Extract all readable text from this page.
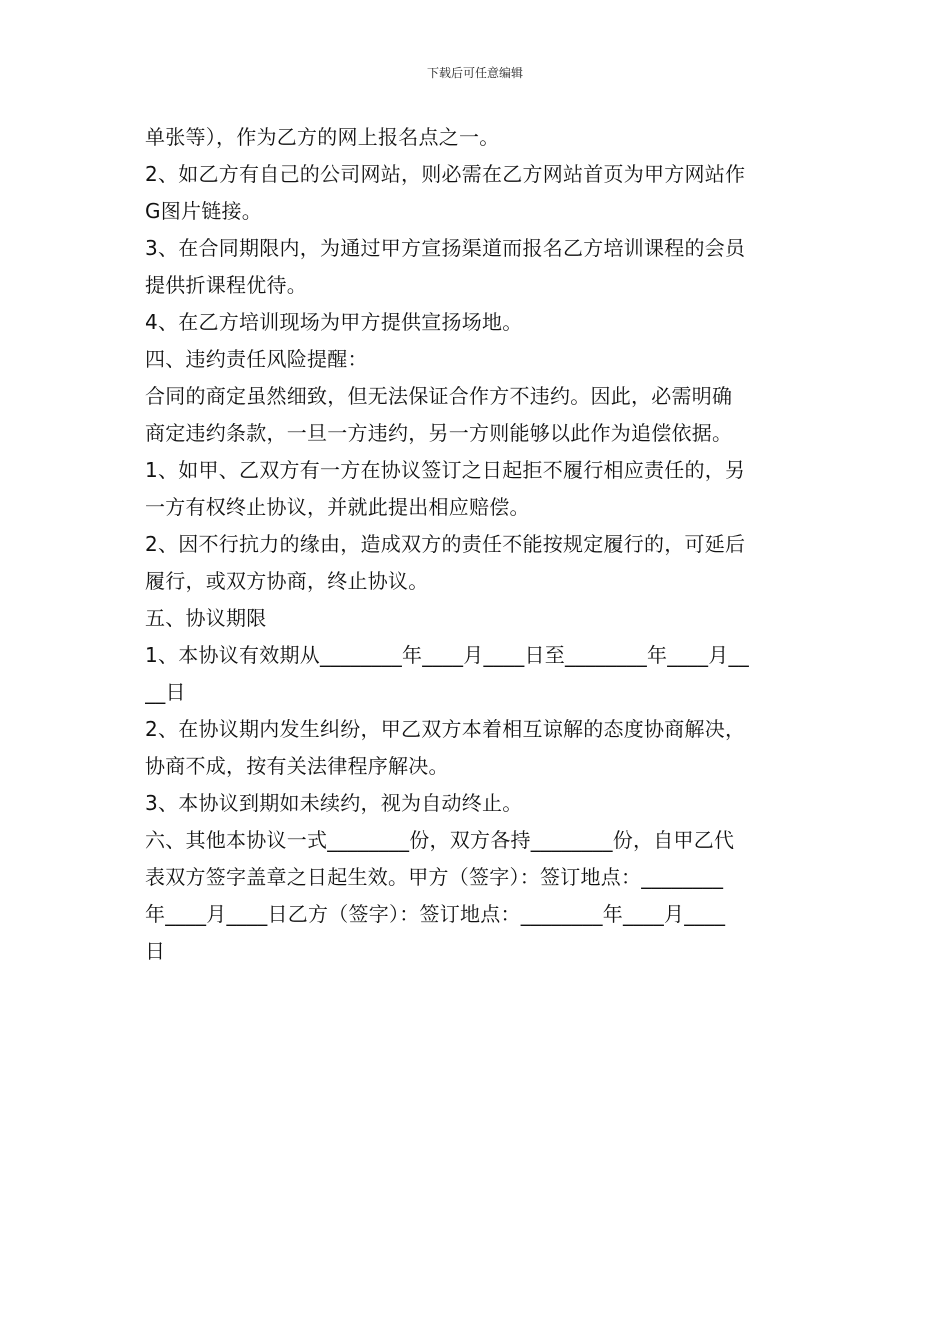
下载后可任意编辑
单张等），作为乙方的网上报名点之一。
2、如乙方有自己的公司网站，则必需在乙方网站首页为甲方网站作
G图片链接。
3、在合同期限内，为通过甲方宣扬渠道而报名乙方培训课程的会员
提供折课程优待。
4、在乙方培训现场为甲方提供宣扬场地。
四、违约责任风险提醒：
合同的商定虽然细致，但无法保证合作方不违约。因此，必需明确
商定违约条款，一旦一方违约，另一方则能够以此作为追偿依据。
1、如甲、乙双方有一方在协议签订之日起拒不履行相应责任的，另
一方有权终止协议，并就此提出相应赔偿。
2、因不行抗力的缘由，造成双方的责任不能按规定履行的，可延后
履行，或双方协商，终止协议。
五、协议期限
1、本协议有效期从________年____月____日至________年____月__
__日
2、在协议期内发生纠纷，甲乙双方本着相互谅解的态度协商解决，
协商不成，按有关法律程序解决。
3、本协议到期如未续约，视为自动终止。
六、其他本协议一式________份，双方各持________份，自甲乙代
表双方签字盖章之日起生效。甲方（签字）：签订地点：________
年____月____日乙方（签字）：签订地点：________年____月____
日
